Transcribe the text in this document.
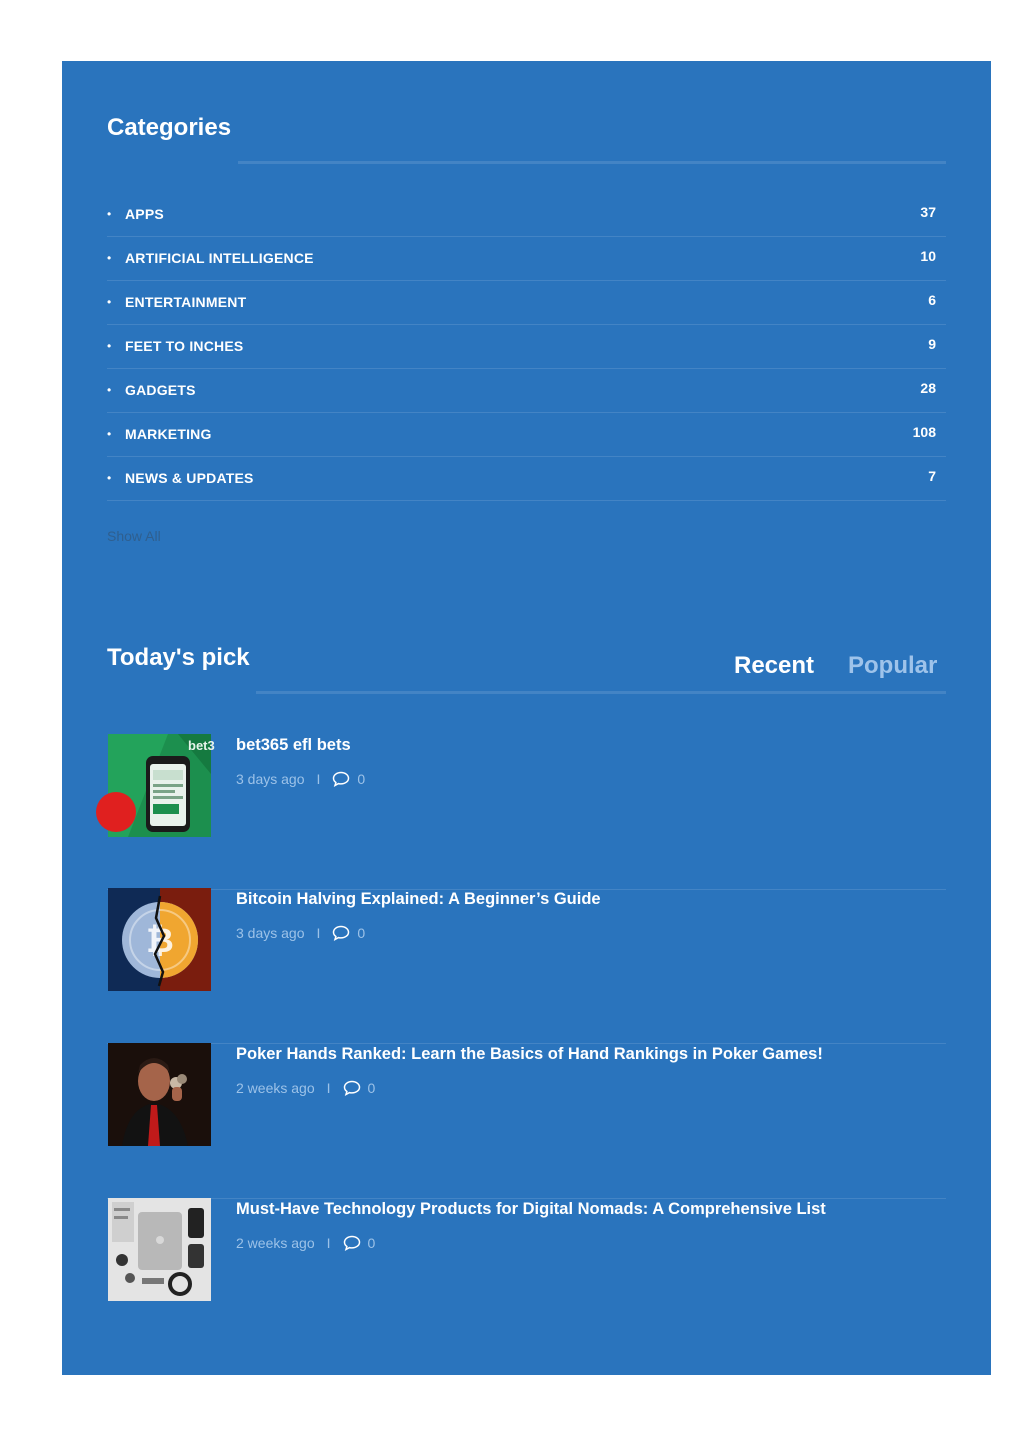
Categories
• APPS	37
• ARTIFICIAL INTELLIGENCE	10
• ENTERTAINMENT	6
• FEET TO INCHES	9
• GADGETS	28
• MARKETING	108
• NEWS & UPDATES	7
Show All
Today's pick	Recent Popular
bet3 bet365 efl bets
3 days ago I	0
₿
Bitcoin Halving Explained: A Beginner’s Guide
3 days ago I	0
Poker Hands Ranked: Learn the Basics of Hand Rankings in Poker Games!
2 weeks ago I	0
Must-Have Technology Products for Digital Nomads: A Comprehensive List
2 weeks ago I	0
